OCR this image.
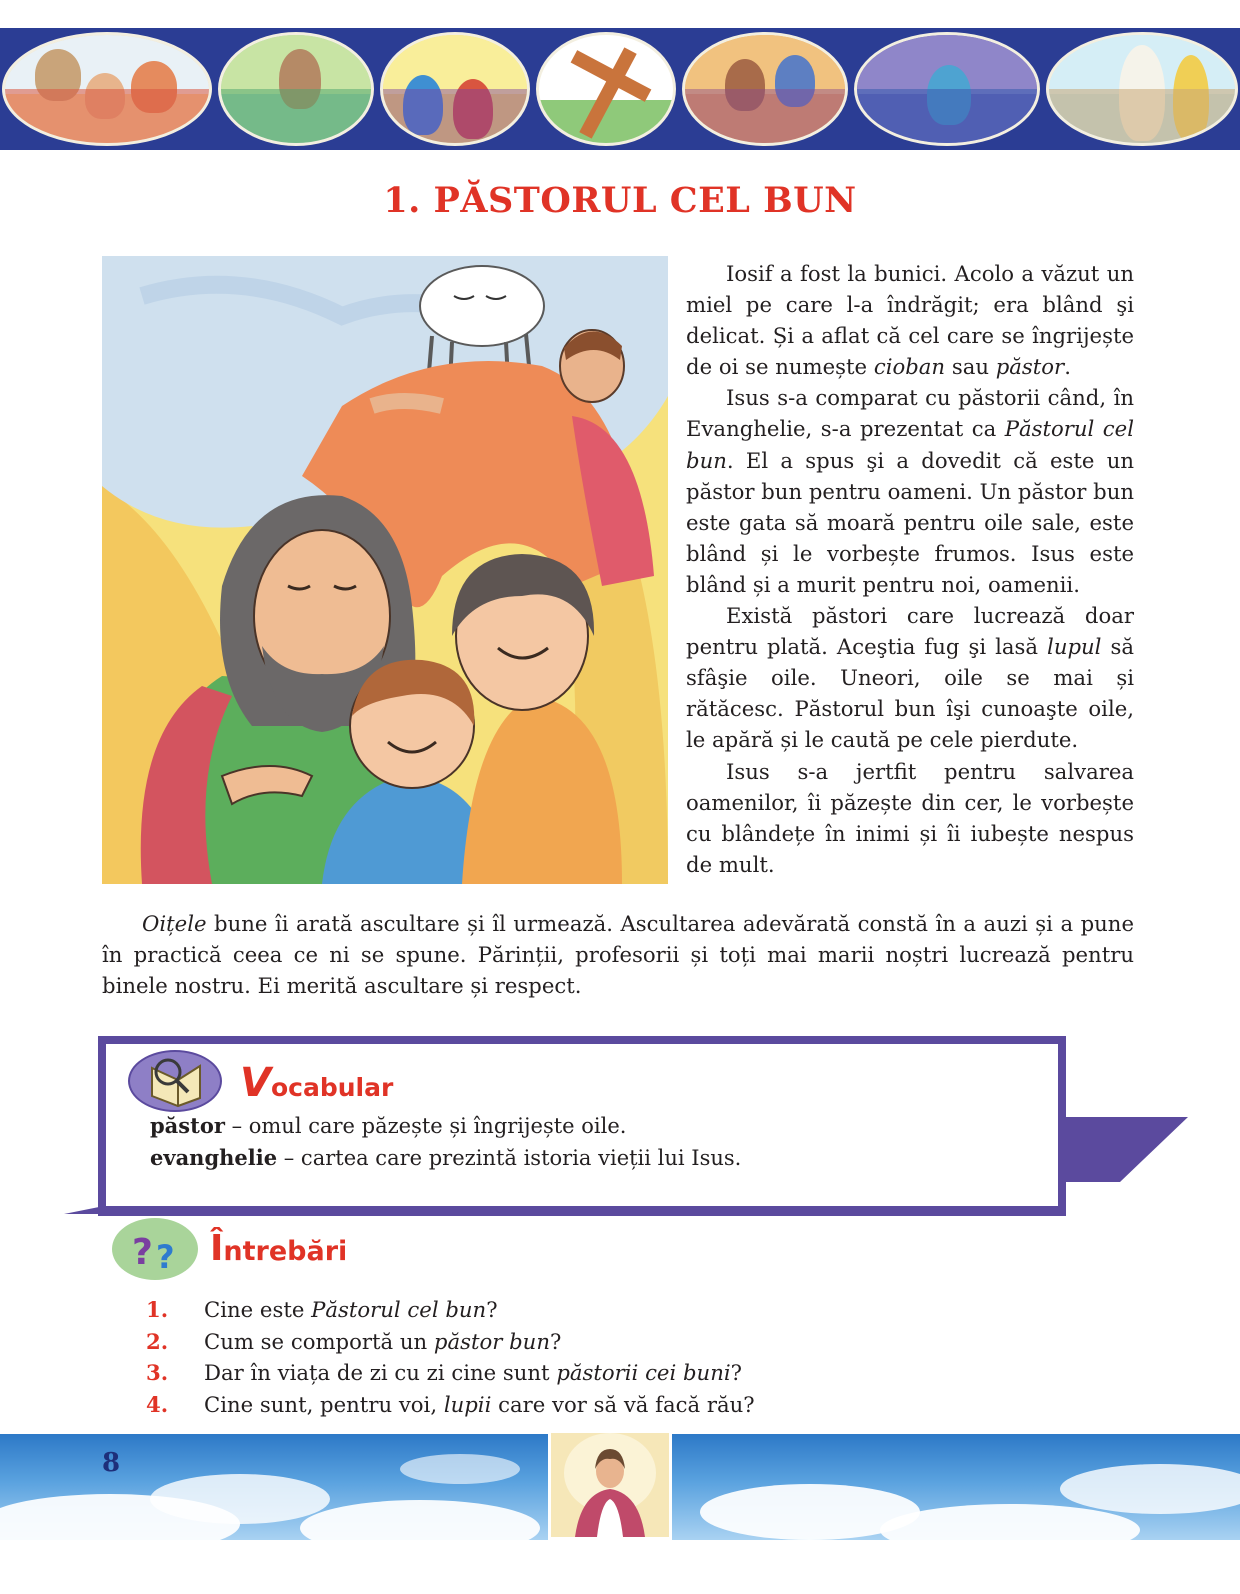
1. PĂSTORUL CEL BUN

Iosif a fost la bunici. Acolo a văzut un miel pe care l-a îndrăgit; era blând şi delicat. Și a aflat că cel care se îngrijește de oi se numește cioban sau păstor.

Isus s-a comparat cu păstorii când, în Evanghelie, s-a prezentat ca Păstorul cel bun. El a spus şi a dovedit că este un păstor bun pentru oameni. Un păstor bun este gata să moară pentru oile sale, este blând și le vorbește frumos. Isus este blând și a murit pentru noi, oamenii.

Există păstori care lucrează doar pentru plată. Aceştia fug şi lasă lupul să sfâşie oile. Uneori, oile se mai și rătăcesc. Păstorul bun îşi cunoaşte oile, le apără și le caută pe cele pierdute.

Isus s-a jertfit pentru salvarea oamenilor, îi păzește din cer, le vorbește cu blândețe în inimi și îi iubește nespus de mult.

Oițele bune îi arată ascultare și îl urmează. Ascultarea adevărată constă în a auzi și a pune în practică ceea ce ni se spune. Părinții, profesorii și toți mai marii noștri lucrează pentru binele nostru. Ei merită ascultare și respect.

Vocabular
păstor – omul care păzește și îngrijește oile.
evanghelie – cartea care prezintă istoria vieții lui Isus.
? ? Întrebări
1.	Cine este Păstorul cel bun?
2.	Cum se comportă un păstor bun?
3.	Dar în viața de zi cu zi cine sunt păstorii cei buni?
4.	Cine sunt, pentru voi, lupii care vor să vă facă rău?
8
